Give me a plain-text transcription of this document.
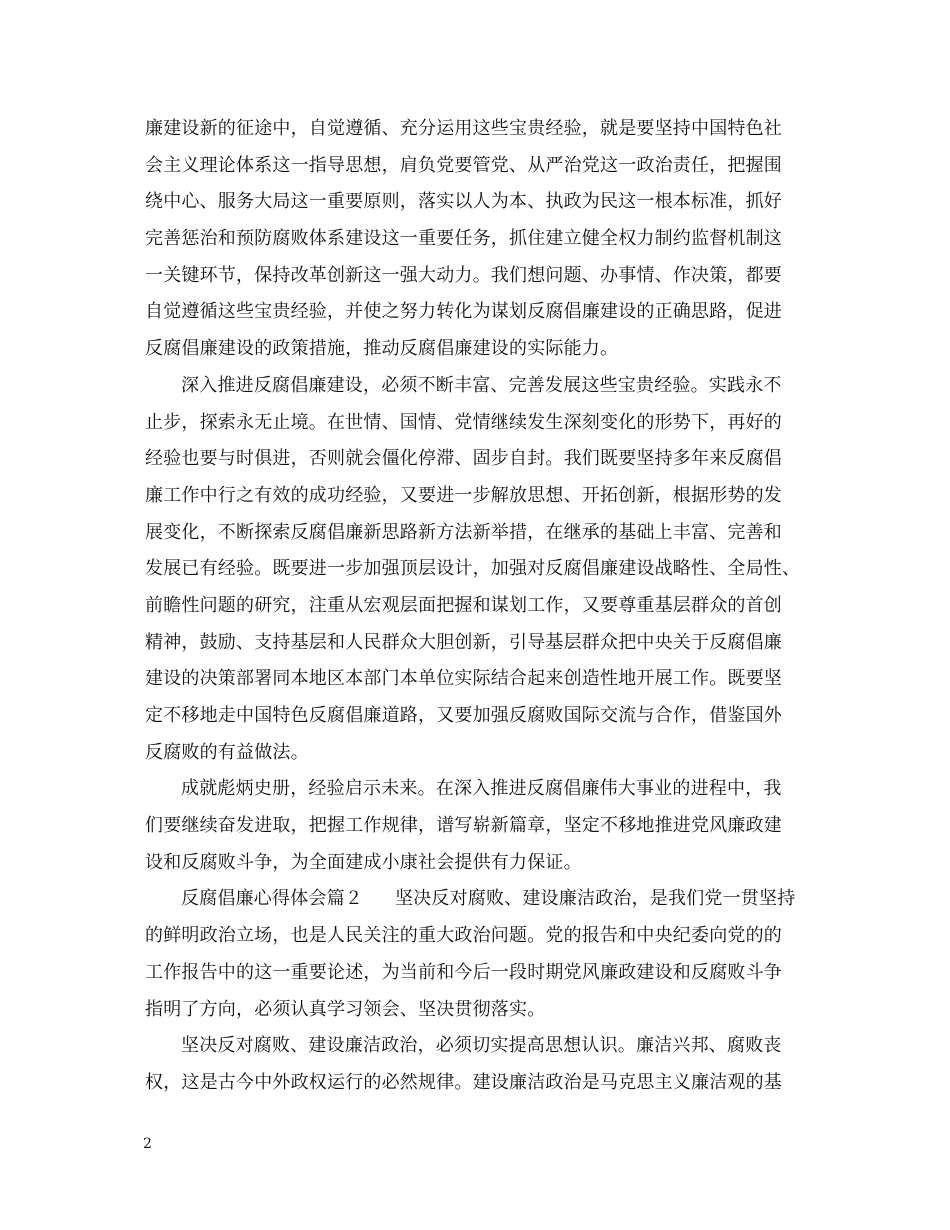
廉建设新的征途中，自觉遵循、充分运用这些宝贵经验，就是要坚持中国特色社
会主义理论体系这一指导思想，肩负党要管党、从严治党这一政治责任，把握围
绕中心、服务大局这一重要原则，落实以人为本、执政为民这一根本标准，抓好
完善惩治和预防腐败体系建设这一重要任务，抓住建立健全权力制约监督机制这
一关键环节，保持改革创新这一强大动力。我们想问题、办事情、作决策，都要
自觉遵循这些宝贵经验，并使之努力转化为谋划反腐倡廉建设的正确思路，促进
反腐倡廉建设的政策措施，推动反腐倡廉建设的实际能力。
深入推进反腐倡廉建设，必须不断丰富、完善发展这些宝贵经验。实践永不
止步，探索永无止境。在世情、国情、党情继续发生深刻变化的形势下，再好的
经验也要与时俱进，否则就会僵化停滞、固步自封。我们既要坚持多年来反腐倡
廉工作中行之有效的成功经验，又要进一步解放思想、开拓创新，根据形势的发
展变化，不断探索反腐倡廉新思路新方法新举措，在继承的基础上丰富、完善和
发展已有经验。既要进一步加强顶层设计，加强对反腐倡廉建设战略性、全局性、
前瞻性问题的研究，注重从宏观层面把握和谋划工作，又要尊重基层群众的首创
精神，鼓励、支持基层和人民群众大胆创新，引导基层群众把中央关于反腐倡廉
建设的决策部署同本地区本部门本单位实际结合起来创造性地开展工作。既要坚
定不移地走中国特色反腐倡廉道路，又要加强反腐败国际交流与合作，借鉴国外
反腐败的有益做法。
成就彪炳史册，经验启示未来。在深入推进反腐倡廉伟大事业的进程中，我
们要继续奋发进取，把握工作规律，谱写崭新篇章，坚定不移地推进党风廉政建
设和反腐败斗争，为全面建成小康社会提供有力保证。
反腐倡廉心得体会篇２ 坚决反对腐败、建设廉洁政治，是我们党一贯坚持
的鲜明政治立场，也是人民关注的重大政治问题。党的报告和中央纪委向党的的
工作报告中的这一重要论述，为当前和今后一段时期党风廉政建设和反腐败斗争
指明了方向，必须认真学习领会、坚决贯彻落实。
坚决反对腐败、建设廉洁政治，必须切实提高思想认识。廉洁兴邦、腐败丧
权，这是古今中外政权运行的必然规律。建设廉洁政治是马克思主义廉洁观的基
2
